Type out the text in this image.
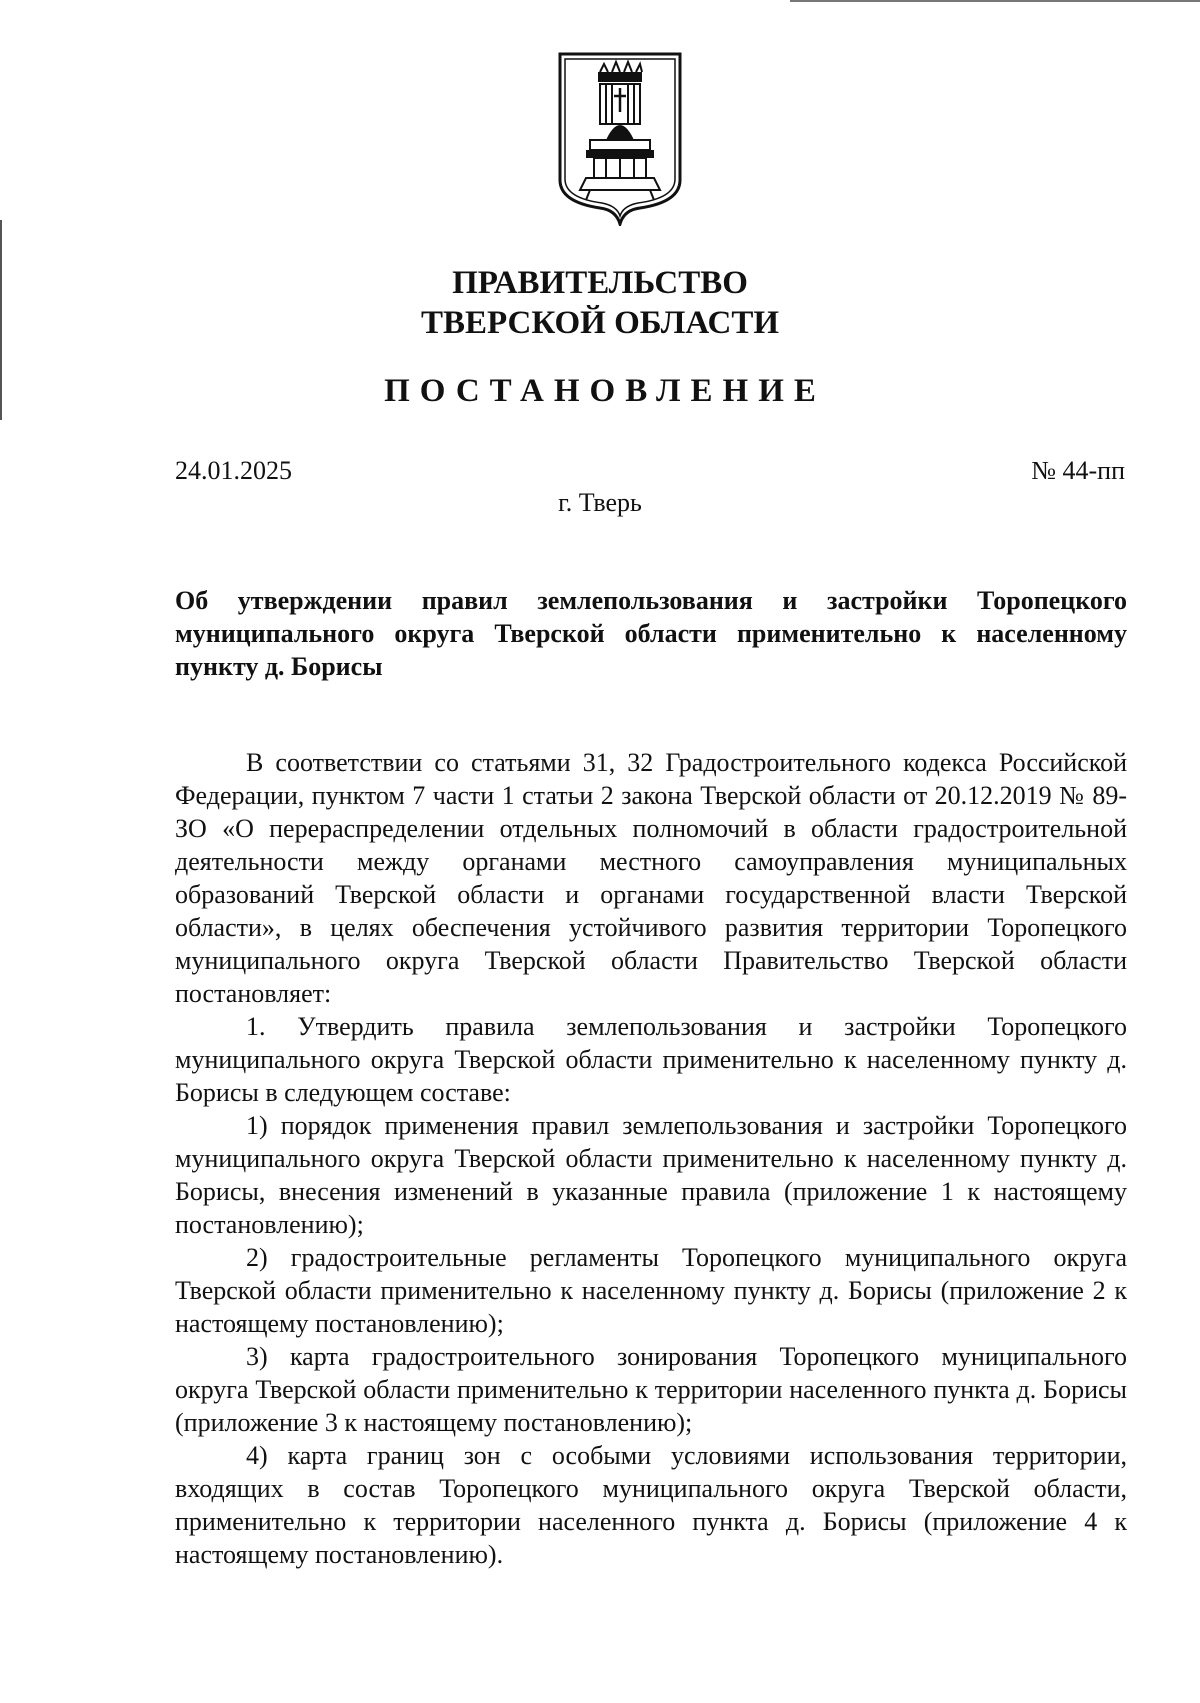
ПРАВИТЕЛЬСТВО
ТВЕРСКОЙ ОБЛАСТИ
ПОСТАНОВЛЕНИЕ
24.01.2025	№ 44-пп
г. Тверь
Об утверждении правил землепользования и застройки Торопецкого муниципального округа Тверской области применительно к населенному пункту д. Борисы

В соответствии со статьями 31, 32 Градостроительного кодекса Российской Федерации, пунктом 7 части 1 статьи 2 закона Тверской области от 20.12.2019 № 89-ЗО «О перераспределении отдельных полномочий в области градостроительной деятельности между органами местного самоуправления муниципальных образований Тверской области и органами государственной власти Тверской области», в целях обеспечения устойчивого развития территории Торопецкого муниципального округа Тверской области Правительство Тверской области постановляет:

1. Утвердить правила землепользования и застройки Торопецкого муниципального округа Тверской области применительно к населенному пункту д. Борисы в следующем составе:

1) порядок применения правил землепользования и застройки Торопецкого муниципального округа Тверской области применительно к населенному пункту д. Борисы, внесения изменений в указанные правила (приложение 1 к настоящему постановлению);

2) градостроительные регламенты Торопецкого муниципального округа Тверской области применительно к населенному пункту д. Борисы (приложение 2 к настоящему постановлению);

3) карта градостроительного зонирования Торопецкого муниципального округа Тверской области применительно к территории населенного пункта д. Борисы (приложение 3 к настоящему постановлению);

4) карта границ зон с особыми условиями использования территории, входящих в состав Торопецкого муниципального округа Тверской области, применительно к территории населенного пункта д. Борисы (приложение 4 к настоящему постановлению).
